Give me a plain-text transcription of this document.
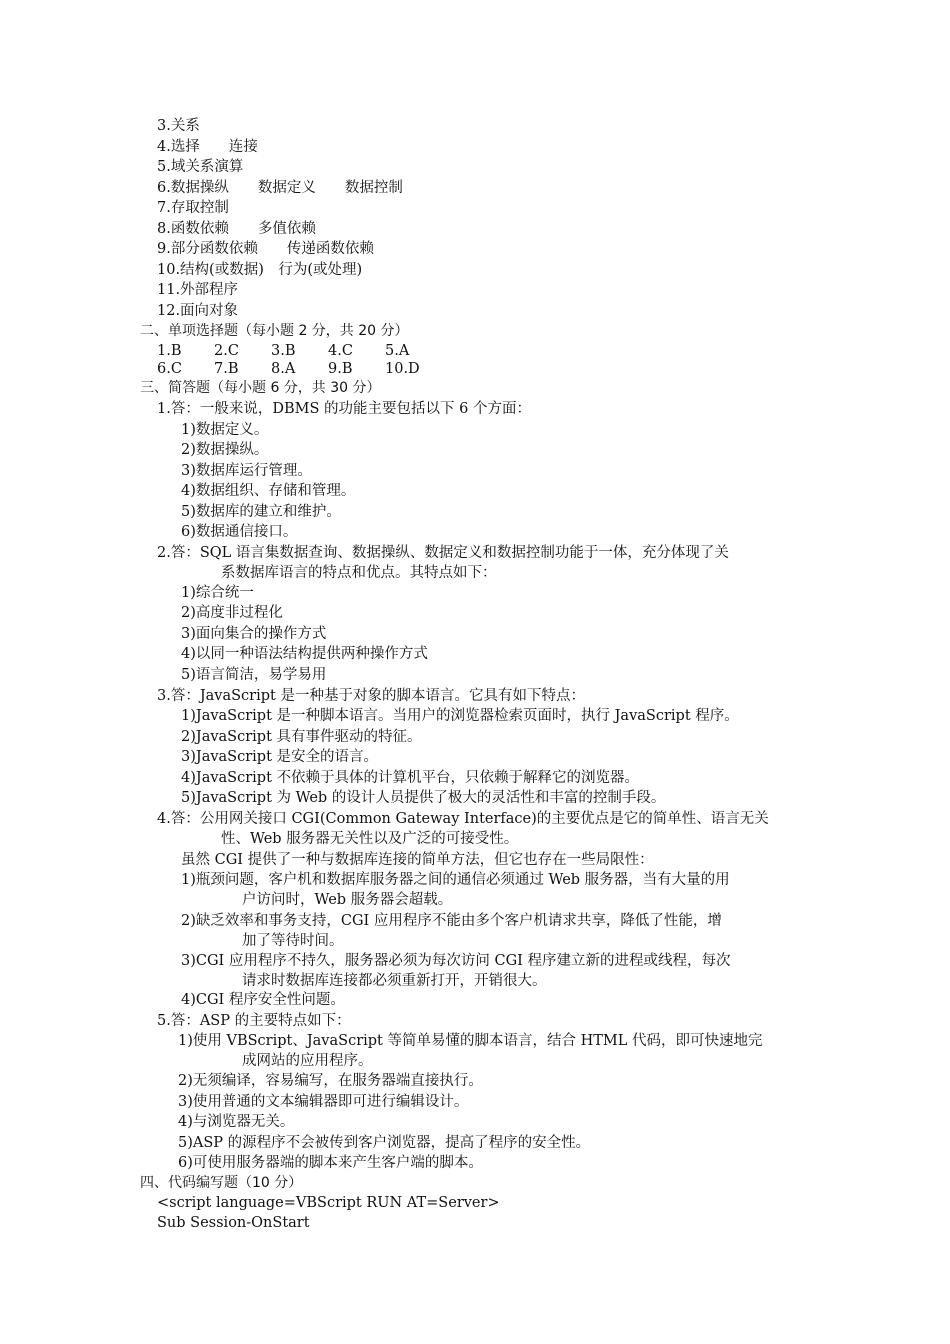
3.关系
4.选择　　连接
5.域关系演算
6.数据操纵　　数据定义　　数据控制
7.存取控制
8.函数依赖　　多值依赖
9.部分函数依赖　　传递函数依赖
10.结构(或数据)　行为(或处理)
11.外部程序
12.面向对象
二、单项选择题（每小题 2 分，共 20 分）
1.B 2.C 3.B 4.C 5.A
6.C 7.B 8.A 9.B 10.D
三、简答题（每小题 6 分，共 30 分）
1.答：一般来说，DBMS 的功能主要包括以下 6 个方面：
1)数据定义。
2)数据操纵。
3)数据库运行管理。
4)数据组织、存储和管理。
5)数据库的建立和维护。
6)数据通信接口。
2.答：SQL 语言集数据查询、数据操纵、数据定义和数据控制功能于一体，充分体现了关
系数据库语言的特点和优点。其特点如下：
1)综合统一
2)高度非过程化
3)面向集合的操作方式
4)以同一种语法结构提供两种操作方式
5)语言简洁，易学易用
3.答：JavaScript 是一种基于对象的脚本语言。它具有如下特点：
1)JavaScript 是一种脚本语言。当用户的浏览器检索页面时，执行 JavaScript 程序。
2)JavaScript 具有事件驱动的特征。
3)JavaScript 是安全的语言。
4)JavaScript 不依赖于具体的计算机平台，只依赖于解释它的浏览器。
5)JavaScript 为 Web 的设计人员提供了极大的灵活性和丰富的控制手段。
4.答：公用网关接口 CGI(Common Gateway Interface)的主要优点是它的简单性、语言无关
性、Web 服务器无关性以及广泛的可接受性。
虽然 CGI 提供了一种与数据库连接的简单方法，但它也存在一些局限性：
1)瓶颈问题，客户机和数据库服务器之间的通信必须通过 Web 服务器，当有大量的用
户访问时，Web 服务器会超载。
2)缺乏效率和事务支持，CGI 应用程序不能由多个客户机请求共享，降低了性能，增
加了等待时间。
3)CGI 应用程序不持久，服务器必须为每次访问 CGI 程序建立新的进程或线程，每次
请求时数据库连接都必须重新打开，开销很大。
4)CGI 程序安全性问题。
5.答：ASP 的主要特点如下：
1)使用 VBScript、JavaScript 等简单易懂的脚本语言，结合 HTML 代码，即可快速地完
成网站的应用程序。
2)无须编译，容易编写，在服务器端直接执行。
3)使用普通的文本编辑器即可进行编辑设计。
4)与浏览器无关。
5)ASP 的源程序不会被传到客户浏览器，提高了程序的安全性。
6)可使用服务器端的脚本来产生客户端的脚本。
四、代码编写题（10 分）
<script language=VBScript RUN AT=Server>
Sub Session-OnStart
